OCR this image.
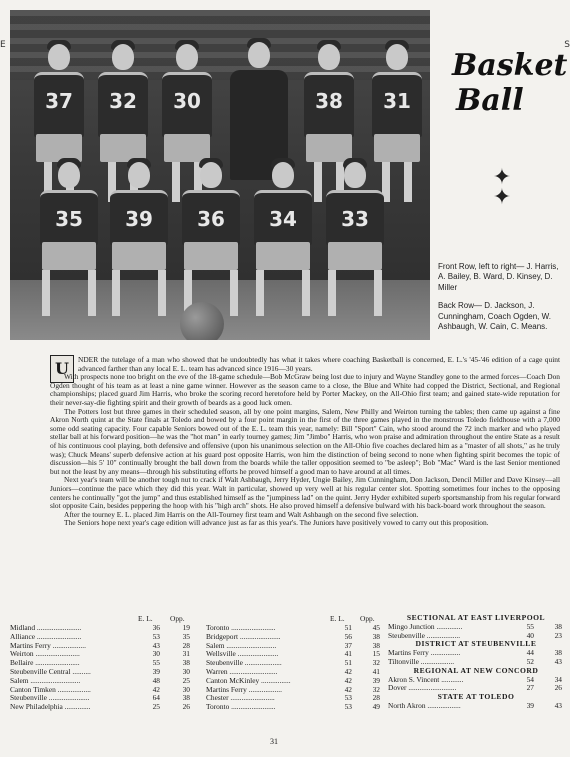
E	S
37	32	30	38	31
35	39	36	34	33
Basket
Ball
✦
✦

Front Row, left to right— J. Harris, A. Bailey, B. Ward, D. Kinsey, D. Miller

Back Row— D. Jackson, J. Cunningham, Coach Ogden, W. Ashbaugh, W. Cain, C. Means.

U	NDER the tutelage of a man who showed that he undoubtedly has what it takes where coaching Basketball is concerned, E. L.'s '45-'46 edition of a cage quint advanced farther than any local E. L. team has advanced since 1916—30 years.

With prospects none too bright on the eve of the 18-game schedule—Bob McGraw being lost due to injury and Wayne Standley gone to the armed forces—Coach Don Ogden thought of his team as at least a nine game winner. However as the season came to a close, the Blue and White had copped the District, Sectional, and Regional championships; placed guard Jim Harris, who broke the scoring record heretofore held by Porter Mackey, on the All-Ohio first team; and gained state-wide reputation for their never-say-die fighting spirit and their growth of beards as a good luck omen.

The Potters lost but three games in their scheduled season, all by one point margins, Salem, New Philly and Weirton turning the tables; then came up against a fine Akron North quint at the State finals at Toledo and bowed by a four point margin in the first of the three games played in the monstrous Toledo fieldhouse with a 7,000 some odd seating capacity. Four capable Seniors bowed out of the E. L. team this year, namely: Bill "Sport" Cain, who stood around the 72 inch marker and who played stellar ball at his forward position—he was the "hot man" in early tourney games; Jim "Jimbo" Harris, who won praise and admiration throughout the entire State as a result of his continuous cool playing, both defensive and offensive (upon his unanimous selection on the All-Ohio five coaches declared him as a "master of all shots," as he truly was); Chuck Means' superb defensive action at his guard post opposite Harris, won him the distinction of being second to none when fighting spirit becomes the topic of discussion—his 5' 10" continually brought the ball down from the boards while the taller opposition seemed to "be asleep"; Bob "Mac" Ward is the last Senior mentioned but not the least by any means—through his substituting efforts he proved himself a good man to have around at all times.

Next year's team will be another tough nut to crack if Walt Ashbaugh, Jerry Hyder, Ungie Bailey, Jim Cunningham, Don Jackson, Dencil Miller and Dave Kinsey—all Juniors—continue the pace which they did this year. Walt in particular, showed up very well at his regular center slot. Spotting sometimes four inches to the opposing centers he continually "got the jump" and thus established himself as the "jumpiness lad" on the quint. Jerry Hyder exhibited superb sportsmanship from his regular forward slot opposite Cain, besides peppering the hoop with his "high arch" shots. He also proved himself a defensive bulward with his back-board work throughout the season.

After the tourney E. L. placed Jim Harris on the All-Tourney first team and Walt Ashbaugh on the second five selection.

The Seniors hope next year's cage edition will advance just as far as this year's. The Juniors have positively vowed to carry out this proposition.

E. L. Opp.
Midland ........................	36	19
Alliance ........................	53	35
Martins Ferry ..................	43	28
Weirton ........................	30	31
Bellaire ........................	55	38
Steubenville Central ..........	39	30
Salem ...........................	48	25
Canton Timken ..................	42	30
Steubenville ......................	64	38
New Philadelphia ..............	25	26
E. L. Opp.
Toronto ........................	51	45
Bridgeport ......................	56	38
Salem ...........................	37	38
Wellsville ......................	41	15
Steubenville ....................	51	32
Warren ..........................	42	41
Canton McKinley ................	42	39
Martins Ferry ..................	42	32
Chester ........................	53	28
Toronto ........................	53	49
SECTIONAL AT EAST LIVERPOOL
Mingo Junction ..............	55	38
Steubenville ..................	40	23
DISTRICT AT STEUBENVILLE
Martins Ferry ................	44	38
Tiltonville ..................	52	43
REGIONAL AT NEW CONCORD
Akron S. Vincent ............	54	34
Dover ..........................	27	26
STATE AT TOLEDO
North Akron ..................	39	43
31
